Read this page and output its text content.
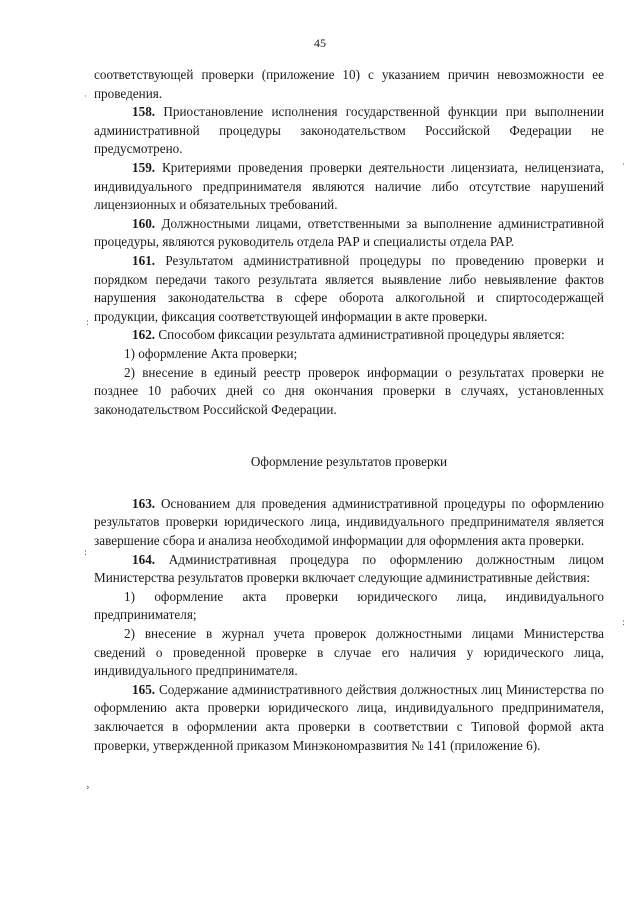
45

соответствующей проверки (приложение 10) с указанием причин невозможности ее проведения.

158. Приостановление исполнения государственной функции при выполнении административной процедуры законодательством Российской Федерации не предусмотрено.

159. Критериями проведения проверки деятельности лицензиата, нелицензиата, индивидуального предпринимателя являются наличие либо отсутствие нарушений лицензионных и обязательных требований.

160. Должностными лицами, ответственными за выполнение административной процедуры, являются руководитель отдела РАР и специалисты отдела РАР.

161. Результатом административной процедуры по проведению проверки и порядком передачи такого результата является выявление либо невыявление фактов нарушения законодательства в сфере оборота алкогольной и спиртосодержащей продукции, фиксация соответствующей информации в акте проверки.

162. Способом фиксации результата административной процедуры является:

1) оформление Акта проверки;

2) внесение в единый реестр проверок информации о результатах проверки не позднее 10 рабочих дней со дня окончания проверки в случаях, установленных законодательством Российской Федерации.

Оформление результатов проверки

163. Основанием для проведения административной процедуры по оформлению результатов проверки юридического лица, индивидуального предпринимателя является завершение сбора и анализа необходимой информации для оформления акта проверки.

164. Административная процедура по оформлению должностным лицом Министерства результатов проверки включает следующие административные действия:

1) оформление акта проверки юридического лица, индивидуального предпринимателя;

2) внесение в журнал учета проверок должностными лицами Министерства сведений о проведенной проверке в случае его наличия у юридического лица, индивидуального предпринимателя.

165. Содержание административного действия должностных лиц Министерства по оформлению акта проверки юридического лица, индивидуального предпринимателя, заключается в оформлении акта проверки в соответствии с Типовой формой акта проверки, утвержденной приказом Минэкономразвития № 141 (приложение 6).

·
·
:
:
:
›
